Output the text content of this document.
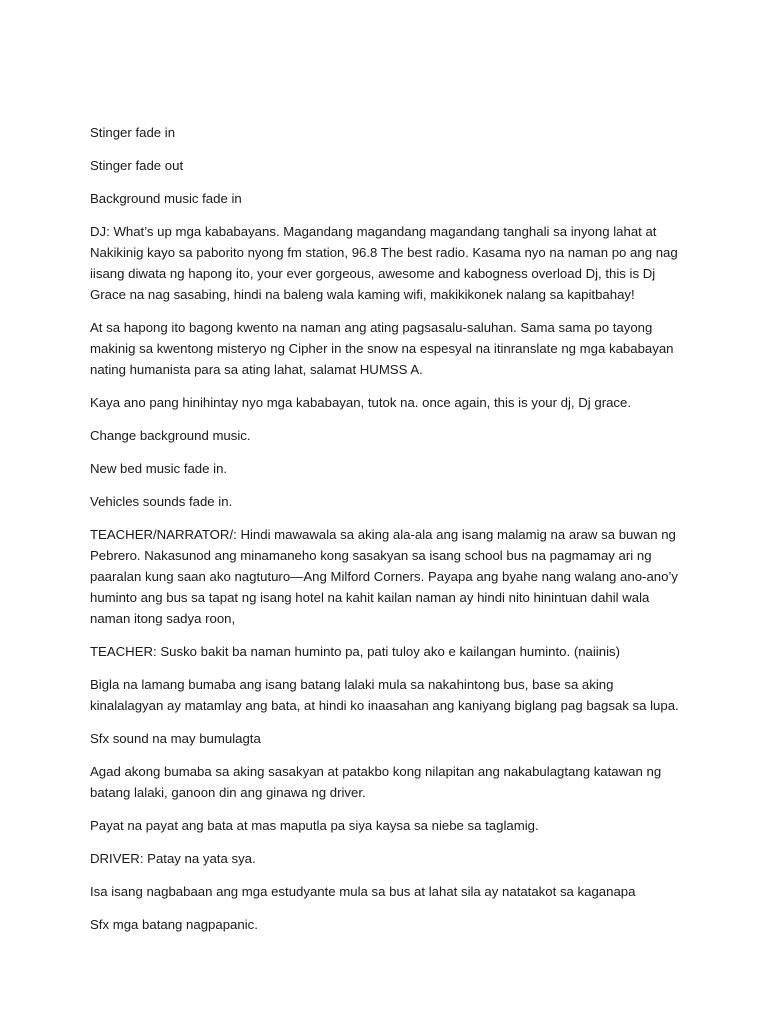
Stinger fade in

Stinger fade out

Background music fade in

DJ: What’s up mga kababayans. Magandang magandang magandang tanghali sa inyong lahat at Nakikinig kayo sa paborito nyong fm station, 96.8 The best radio. Kasama nyo na naman po ang nag iisang diwata ng hapong ito, your ever gorgeous, awesome and kabogness overload Dj, this is Dj Grace na nag sasabing, hindi na baleng wala kaming wifi, makikikonek nalang sa kapitbahay!

At sa hapong ito bagong kwento na naman ang ating pagsasalu-saluhan. Sama sama po tayong makinig sa kwentong misteryo ng Cipher in the snow na espesyal na itinranslate ng mga kababayan nating humanista para sa ating lahat, salamat HUMSS A.

Kaya ano pang hinihintay nyo mga kababayan, tutok na. once again, this is your dj, Dj grace.

Change background music.

New bed music fade in.

Vehicles sounds fade in.

TEACHER/NARRATOR/: Hindi mawawala sa aking ala-ala ang isang malamig na araw sa buwan ng Pebrero. Nakasunod ang minamaneho kong sasakyan sa isang school bus na pagmamay ari ng paaralan kung saan ako nagtuturo—Ang Milford Corners. Payapa ang byahe nang walang ano-ano’y huminto ang bus sa tapat ng isang hotel na kahit kailan naman ay hindi nito hinintuan dahil wala naman itong sadya roon,

TEACHER: Susko bakit ba naman huminto pa, pati tuloy ako e kailangan huminto. (naiinis)

Bigla na lamang bumaba ang isang batang lalaki mula sa nakahintong bus, base sa aking kinalalagyan ay matamlay ang bata, at hindi ko inaasahan ang kaniyang biglang pag bagsak sa lupa.

Sfx sound na may bumulagta

Agad akong bumaba sa aking sasakyan at patakbo kong nilapitan ang nakabulagtang katawan ng batang lalaki, ganoon din ang ginawa ng driver.

Payat na payat ang bata at mas maputla pa siya kaysa sa niebe sa taglamig.

DRIVER: Patay na yata sya.

Isa isang nagbabaan ang mga estudyante mula sa bus at lahat sila ay natatakot sa kaganapa

Sfx mga batang nagpapanic.
